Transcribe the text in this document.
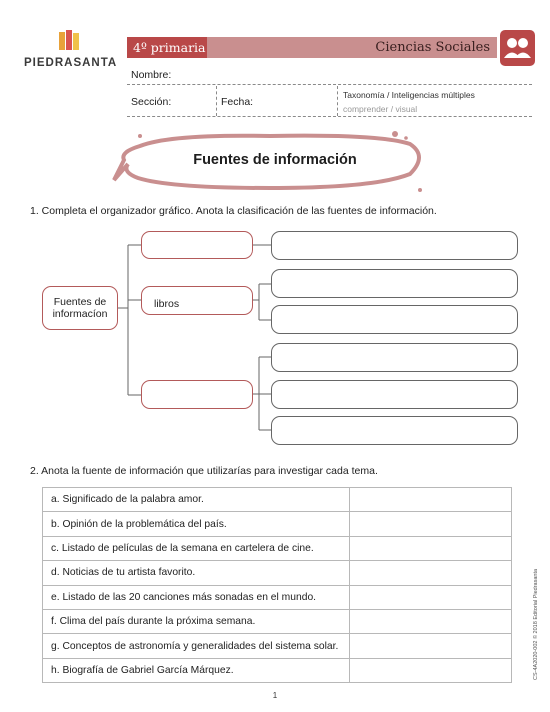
PIEDRASANTA
4º primaria	Ciencias Sociales
Nombre:
Sección:	Fecha:
Taxonomía / Inteligencias múltiples
comprender / visual
Fuentes de información
1. Completa el organizador gráfico. Anota la clasificación de las fuentes de información.
Fuentes de informacíon
libros
2. Anota la fuente de información que utilizarías para investigar cada tema.
a. Significado de la palabra amor.	
b. Opinión de la problemática del país.	
c. Listado de películas de la semana en cartelera de cine.	
d. Noticias de tu artista favorito.	
e. Listado de las 20 canciones más sonadas en el mundo.	
f. Clima del país durante la próxima semana.	
g. Conceptos de astronomía y generalidades del sistema solar.	
h. Biografía de Gabriel García Márquez.		CS-4A2020-002 © 2018 Editorial Piedrasanta
1
